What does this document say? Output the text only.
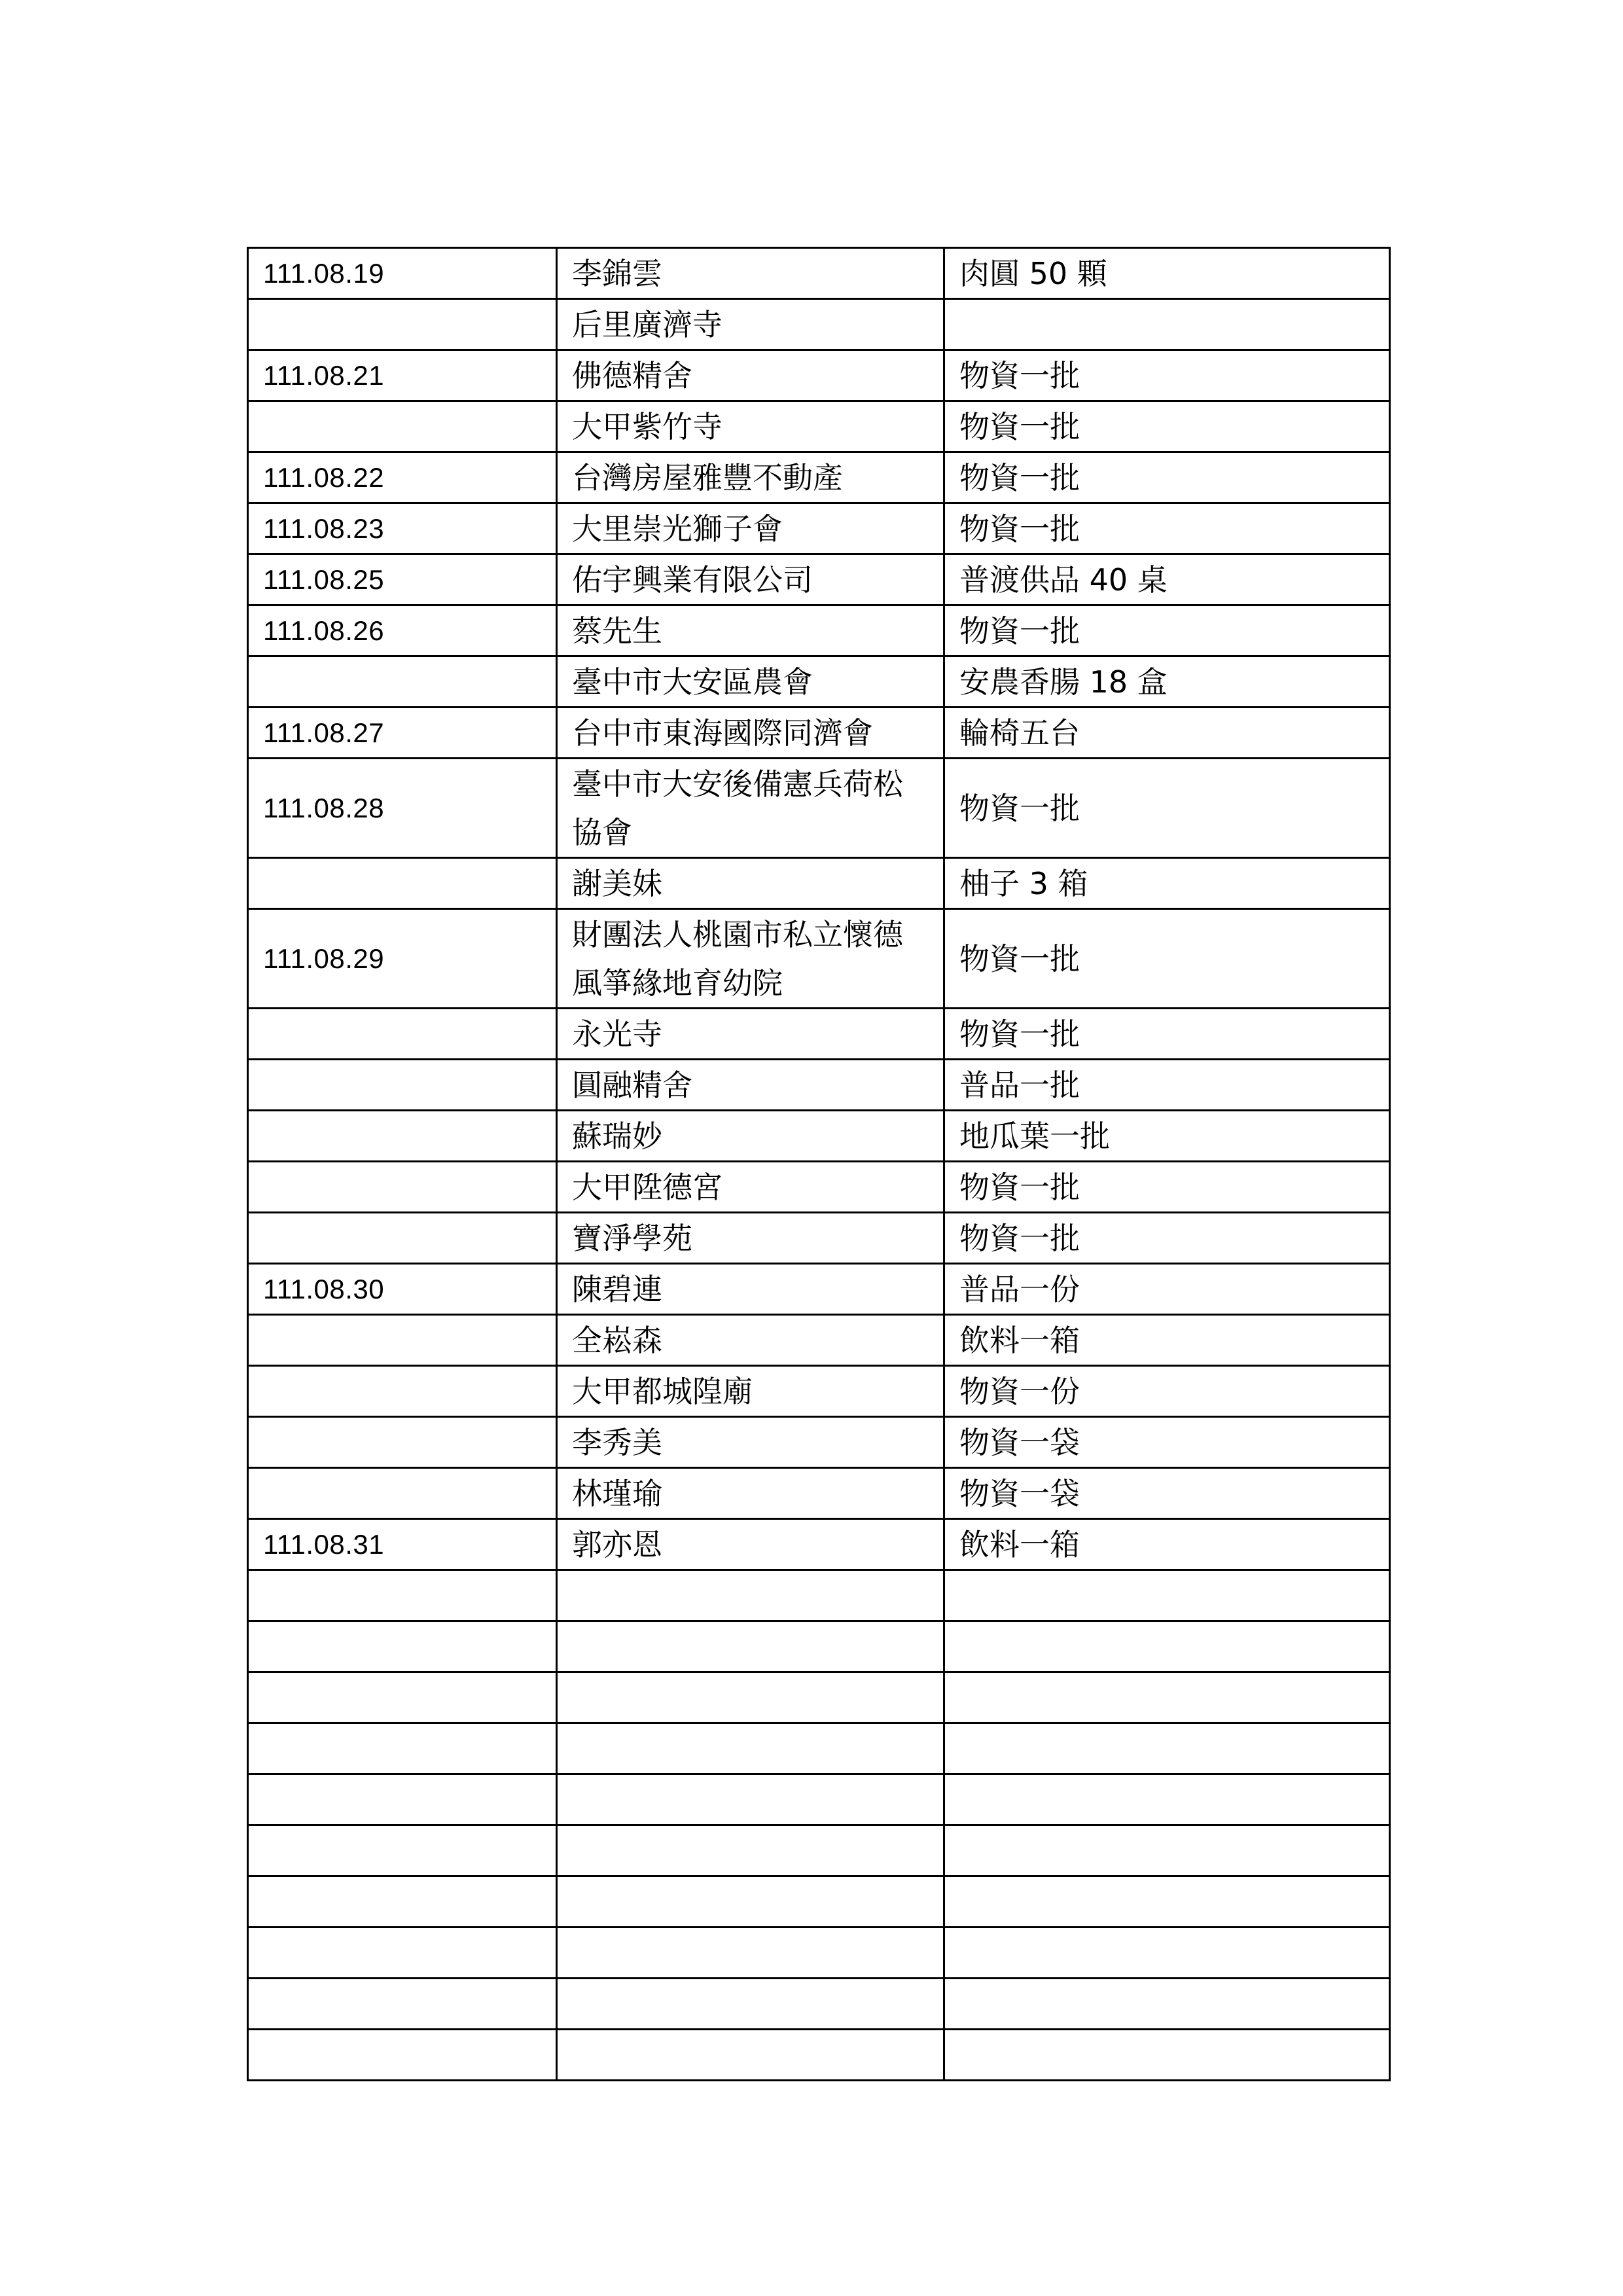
111.08.19	李錦雲	肉圓 50 顆
	后里廣濟寺	
111.08.21	佛德精舍	物資一批
	大甲紫竹寺	物資一批
111.08.22	台灣房屋雅豐不動產	物資一批
111.08.23	大里崇光獅子會	物資一批
111.08.25	佑宇興業有限公司	普渡供品 40 桌
111.08.26	蔡先生	物資一批
	臺中市大安區農會	安農香腸 18 盒
111.08.27	台中市東海國際同濟會	輪椅五台
111.08.28	臺中市大安後備憲兵荷松協會	物資一批
	謝美妹	柚子 3 箱
111.08.29	財團法人桃園市私立懷德風箏緣地育幼院	物資一批
	永光寺	物資一批
	圓融精舍	普品一批
	蘇瑞妙	地瓜葉一批
	大甲陞德宮	物資一批
	寶淨學苑	物資一批
111.08.30	陳碧連	普品一份
	全崧森	飲料一箱
	大甲都城隍廟	物資一份
	李秀美	物資一袋
	林瑾瑜	物資一袋
111.08.31	郭亦恩	飲料一箱
